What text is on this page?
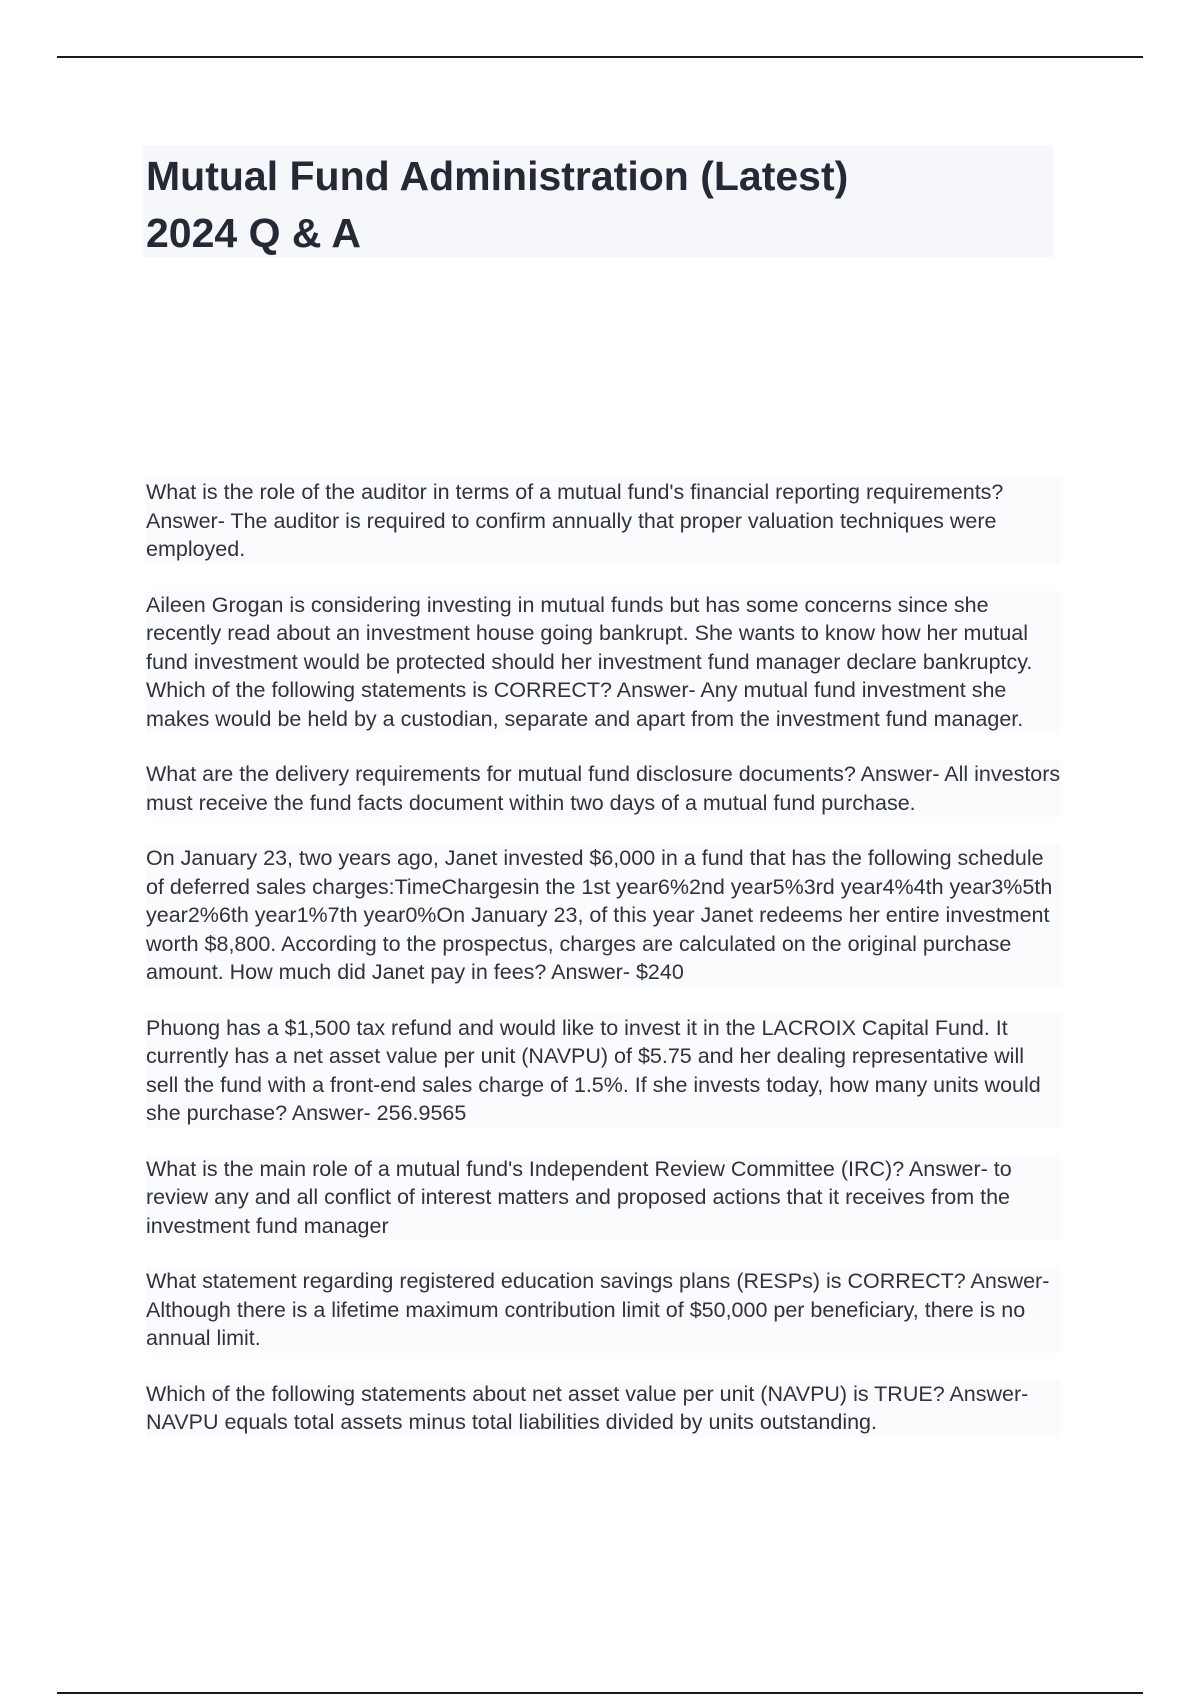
Mutual Fund Administration (Latest)
2024 Q & A

What is the role of the auditor in terms of a mutual fund's financial reporting requirements? Answer- The auditor is required to confirm annually that proper valuation techniques were employed.

Aileen Grogan is considering investing in mutual funds but has some concerns since she recently read about an investment house going bankrupt. She wants to know how her mutual fund investment would be protected should her investment fund manager declare bankruptcy. Which of the following statements is CORRECT? Answer- Any mutual fund investment she makes would be held by a custodian, separate and apart from the investment fund manager.

What are the delivery requirements for mutual fund disclosure documents? Answer- All investors must receive the fund facts document within two days of a mutual fund purchase.

On January 23, two years ago, Janet invested $6,000 in a fund that has the following schedule of deferred sales charges:TimeChargesin the 1st year6%2nd year5%3rd year4%4th year3%5th year2%6th year1%7th year0%On January 23, of this year Janet redeems her entire investment worth $8,800. According to the prospectus, charges are calculated on the original purchase amount. How much did Janet pay in fees? Answer- $240

Phuong has a $1,500 tax refund and would like to invest it in the LACROIX Capital Fund. It currently has a net asset value per unit (NAVPU) of $5.75 and her dealing representative will sell the fund with a front-end sales charge of 1.5%. If she invests today, how many units would she purchase? Answer- 256.9565

What is the main role of a mutual fund's Independent Review Committee (IRC)? Answer- to review any and all conflict of interest matters and proposed actions that it receives from the investment fund manager

What statement regarding registered education savings plans (RESPs) is CORRECT? Answer- Although there is a lifetime maximum contribution limit of $50,000 per beneficiary, there is no annual limit.

Which of the following statements about net asset value per unit (NAVPU) is TRUE? Answer- NAVPU equals total assets minus total liabilities divided by units outstanding.
